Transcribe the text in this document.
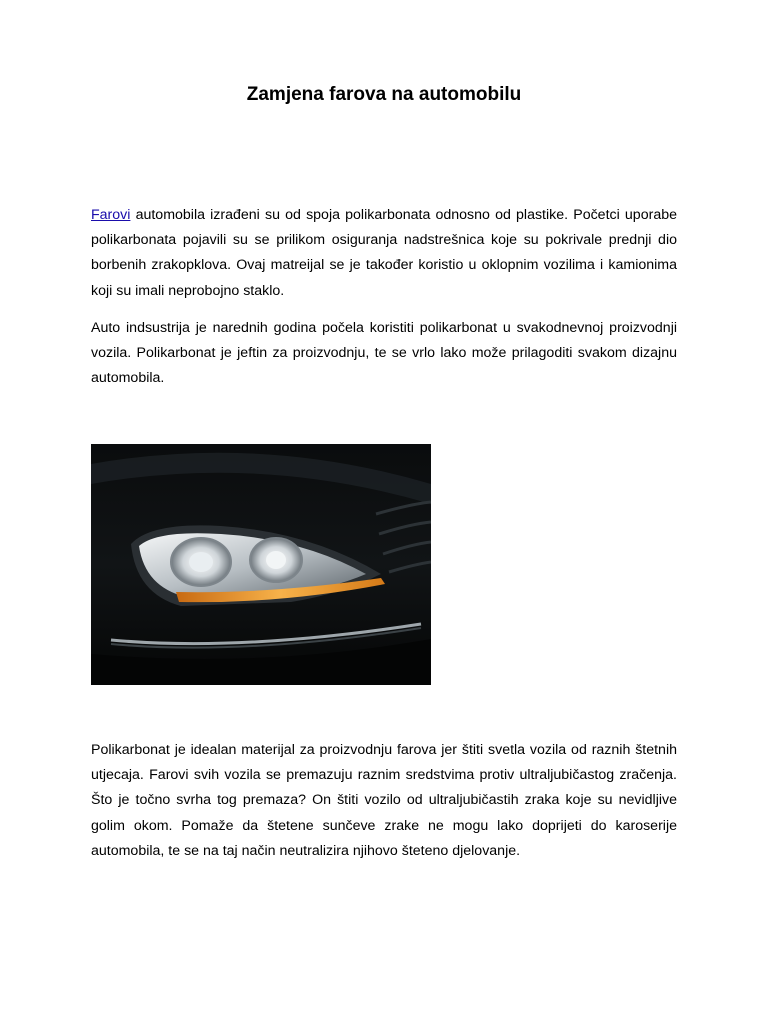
Zamjena farova na automobilu

Farovi automobila izrađeni su od spoja polikarbonata odnosno od plastike. Početci uporabe polikarbonata pojavili su se prilikom osiguranja nadstrešnica koje su pokrivale prednji dio borbenih zrakopklova. Ovaj matreijal se je također koristio u oklopnim vozilima i kamionima koji su imali neprobojno staklo.

Auto indsustrija je narednih godina počela koristiti polikarbonat u svakodnevnoj proizvodnji vozila. Polikarbonat je jeftin za proizvodnju, te se vrlo lako može prilagoditi svakom dizajnu automobila.

Polikarbonat je idealan materijal za proizvodnju farova jer štiti svetla vozila od raznih štetnih utjecaja. Farovi svih vozila se premazuju raznim sredstvima protiv ultraljubičastog zračenja. Što je točno svrha tog premaza? On štiti vozilo od ultraljubičastih zraka koje su nevidljive golim okom. Pomaže da štetene sunčeve zrake ne mogu lako doprijeti do karoserije automobila, te se na taj način neutralizira njihovo šteteno djelovanje.
